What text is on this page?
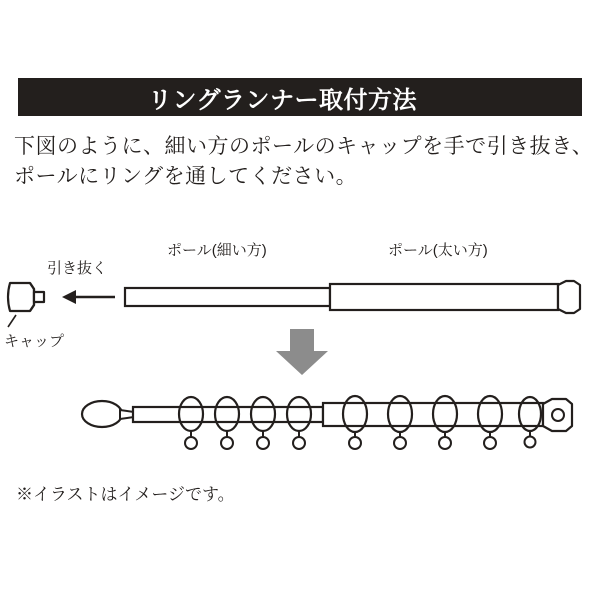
リングランナー取付方法
下図のように、細い方のポールのキャップを手で引き抜き、
ポールにリングを通してください。
ポール(細い方)	ポール(太い方)
引き抜く
キャップ
※イラストはイメージです。
